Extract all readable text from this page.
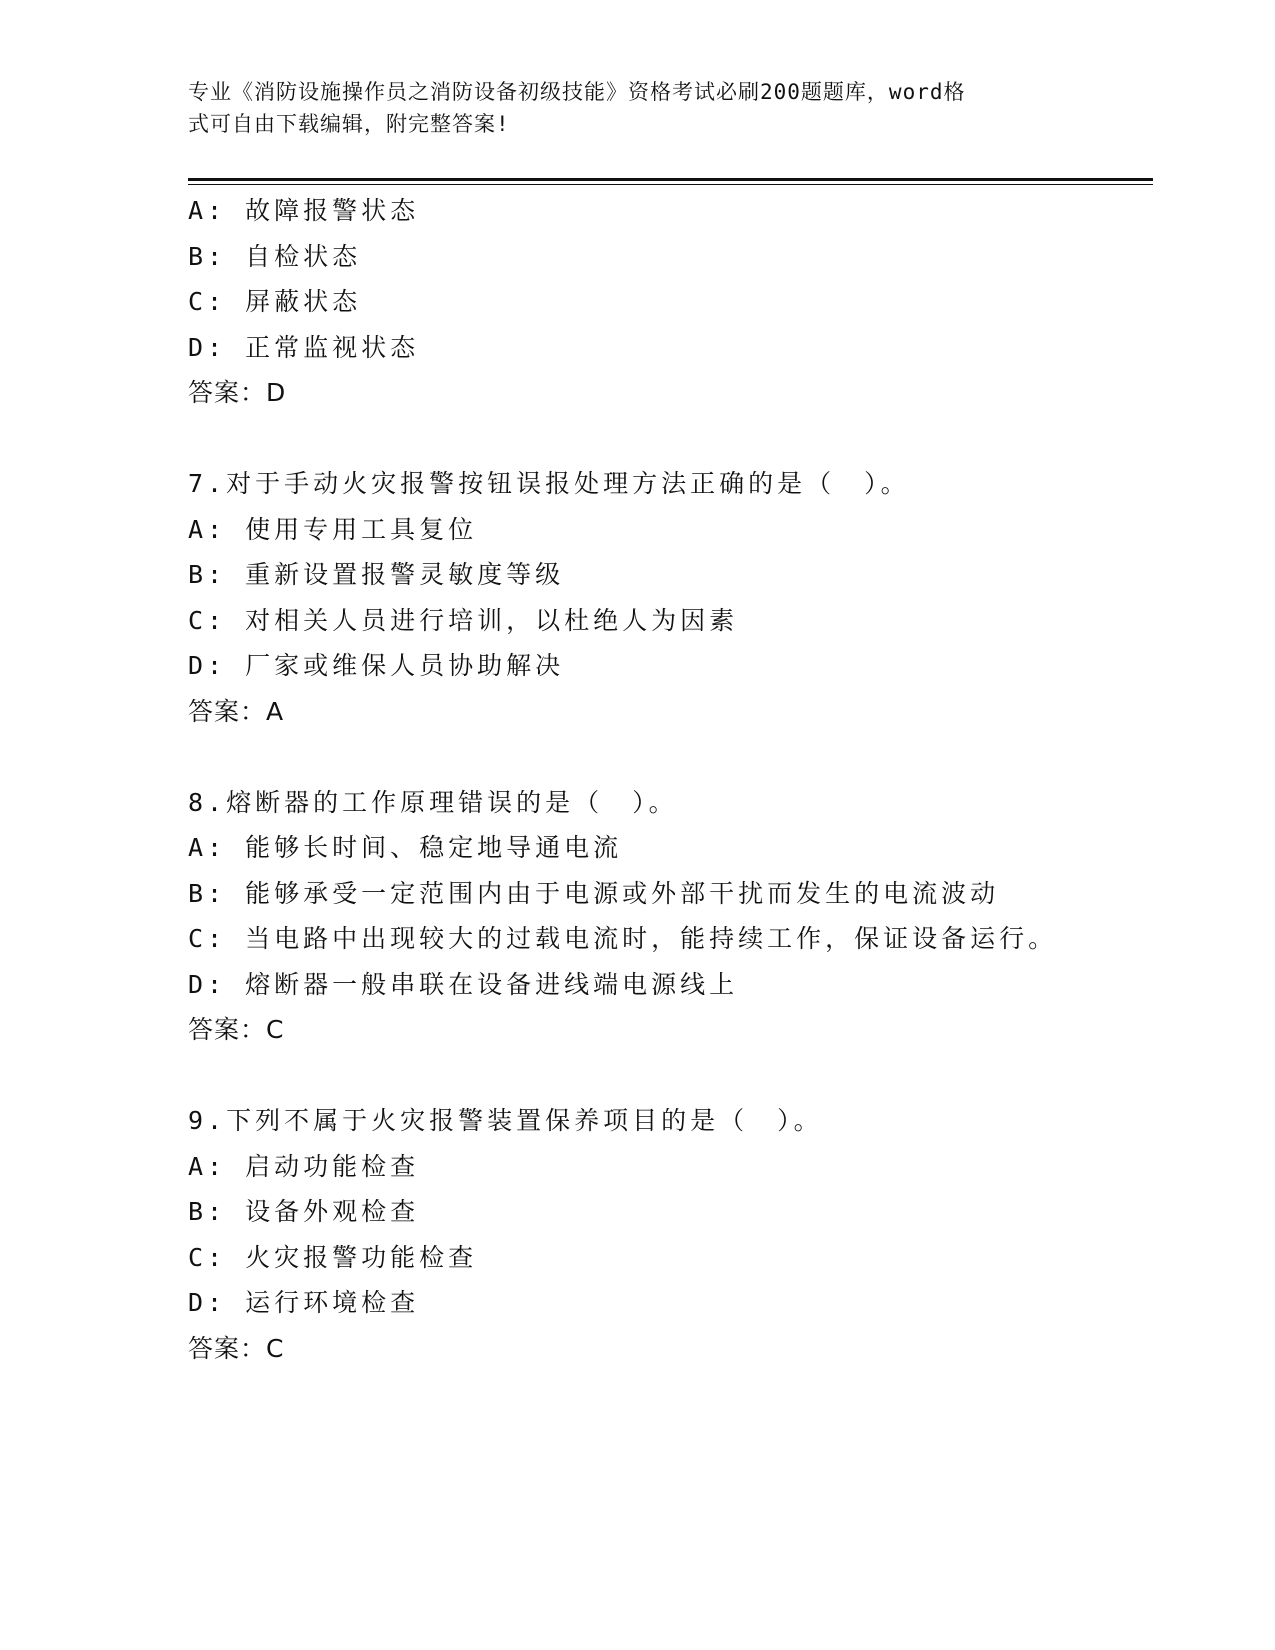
专业《消防设施操作员之消防设备初级技能》资格考试必刷200题题库，word格
式可自由下载编辑，附完整答案!
A: 故障报警状态
B: 自检状态
C: 屏蔽状态
D: 正常监视状态
答案：D
7.对于手动火灾报警按钮误报处理方法正确的是（　）。
A: 使用专用工具复位
B: 重新设置报警灵敏度等级
C: 对相关人员进行培训，以杜绝人为因素
D: 厂家或维保人员协助解决
答案：A
8.熔断器的工作原理错误的是（　）。
A: 能够长时间、稳定地导通电流
B: 能够承受一定范围内由于电源或外部干扰而发生的电流波动
C: 当电路中出现较大的过载电流时，能持续工作，保证设备运行。
D: 熔断器一般串联在设备进线端电源线上
答案：C
9.下列不属于火灾报警装置保养项目的是（　）。
A: 启动功能检查
B: 设备外观检查
C: 火灾报警功能检查
D: 运行环境检查
答案：C
